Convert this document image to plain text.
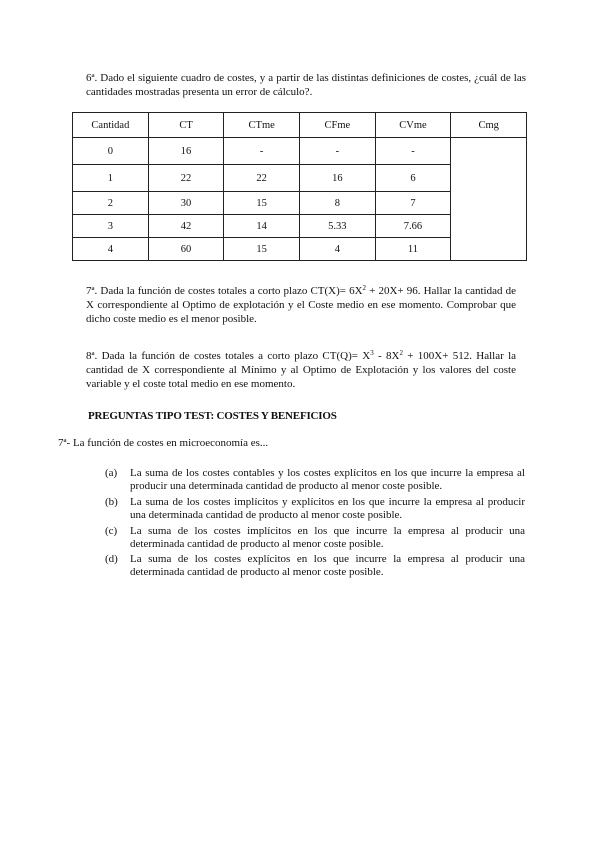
6ª. Dado el siguiente cuadro de costes, y a partir de las distintas definiciones de costes, ¿cuál de las cantidades mostradas presenta un error de cálculo?.
Cantidad	CT	CTme	CFme	CVme	Cmg
0	16	-	-	-	
1	22	22	16	6	
2	30	15	8	7	
3	42	14	5.33	7.66	
4	60	15	4	11	
7ª. Dada la función de costes totales a corto plazo $CT(X)= 6X^2 + 20X+ 96$. Hallar la cantidad de X correspondiente al Optimo de explotación y el Coste medio en ese momento. Comprobar que dicho coste medio es el menor posible.
8ª. Dada la función de costes totales a corto plazo $CT(Q)= X^3 - 8X^2 + 100X+ 512$. Hallar la cantidad de X correspondiente al Mínimo y al Optimo de Explotación y los valores del coste variable y el coste total medio en ese momento.
PREGUNTAS TIPO TEST: COSTES Y BENEFICIOS
7ª- La función de costes en microeconomía es...
(a) La suma de los costes contables y los costes explícitos en los que incurre la empresa al producir una determinada cantidad de producto al menor coste posible.
(b) La suma de los costes implícitos y explícitos en los que incurre la empresa al producir una determinada cantidad de producto al menor coste posible.
(c) La suma de los costes implícitos en los que incurre la empresa al producir una determinada cantidad de producto al menor coste posible.
(d) La suma de los costes explícitos en los que incurre la empresa al producir una determinada cantidad de producto al menor coste posible.
